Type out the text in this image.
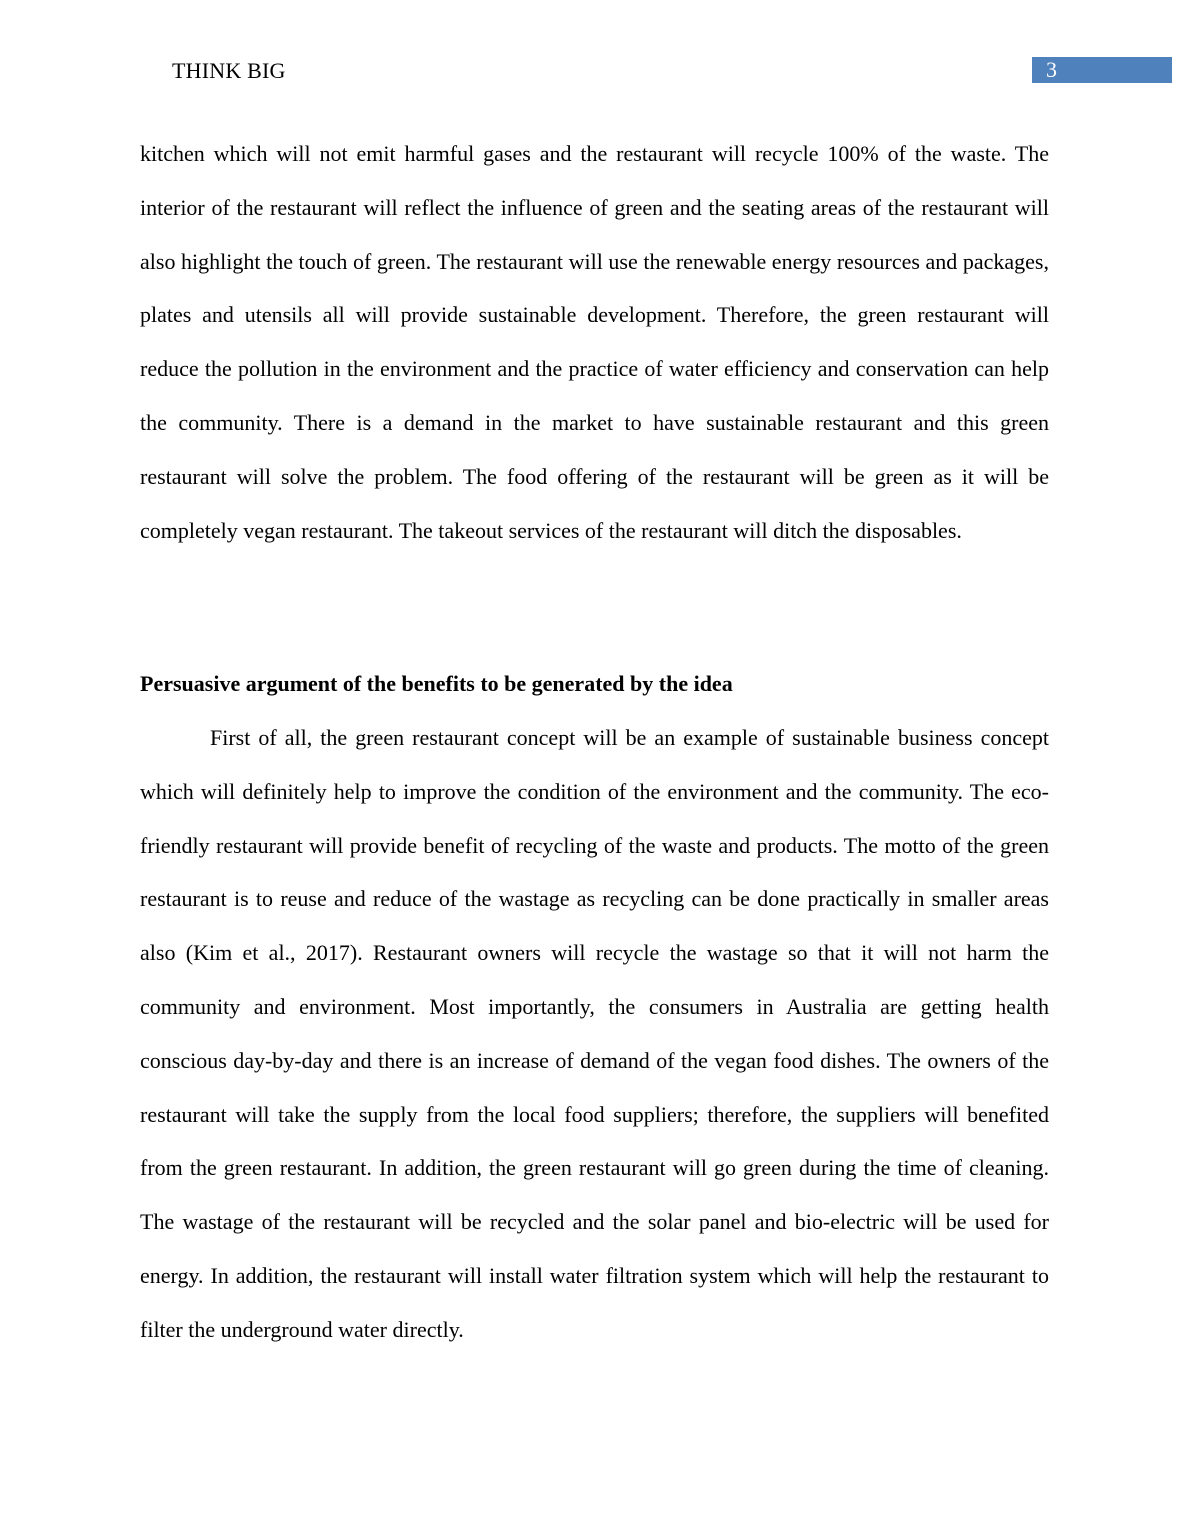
THINK BIG	3

kitchen which will not emit harmful gases and the restaurant will recycle 100% of the waste. The interior of the restaurant will reflect the influence of green and the seating areas of the restaurant will also highlight the touch of green. The restaurant will use the renewable energy resources and packages, plates and utensils all will provide sustainable development. Therefore, the green restaurant will reduce the pollution in the environment and the practice of water efficiency and conservation can help the community. There is a demand in the market to have sustainable restaurant and this green restaurant will solve the problem. The food offering of the restaurant will be green as it will be completely vegan restaurant. The takeout services of the restaurant will ditch the disposables.

Persuasive argument of the benefits to be generated by the idea

First of all, the green restaurant concept will be an example of sustainable business concept which will definitely help to improve the condition of the environment and the community. The eco-friendly restaurant will provide benefit of recycling of the waste and products. The motto of the green restaurant is to reuse and reduce of the wastage as recycling can be done practically in smaller areas also (Kim et al., 2017). Restaurant owners will recycle the wastage so that it will not harm the community and environment. Most importantly, the consumers in Australia are getting health conscious day-by-day and there is an increase of demand of the vegan food dishes. The owners of the restaurant will take the supply from the local food suppliers; therefore, the suppliers will benefited from the green restaurant. In addition, the green restaurant will go green during the time of cleaning. The wastage of the restaurant will be recycled and the solar panel and bio-electric will be used for energy. In addition, the restaurant will install water filtration system which will help the restaurant to filter the underground water directly.
